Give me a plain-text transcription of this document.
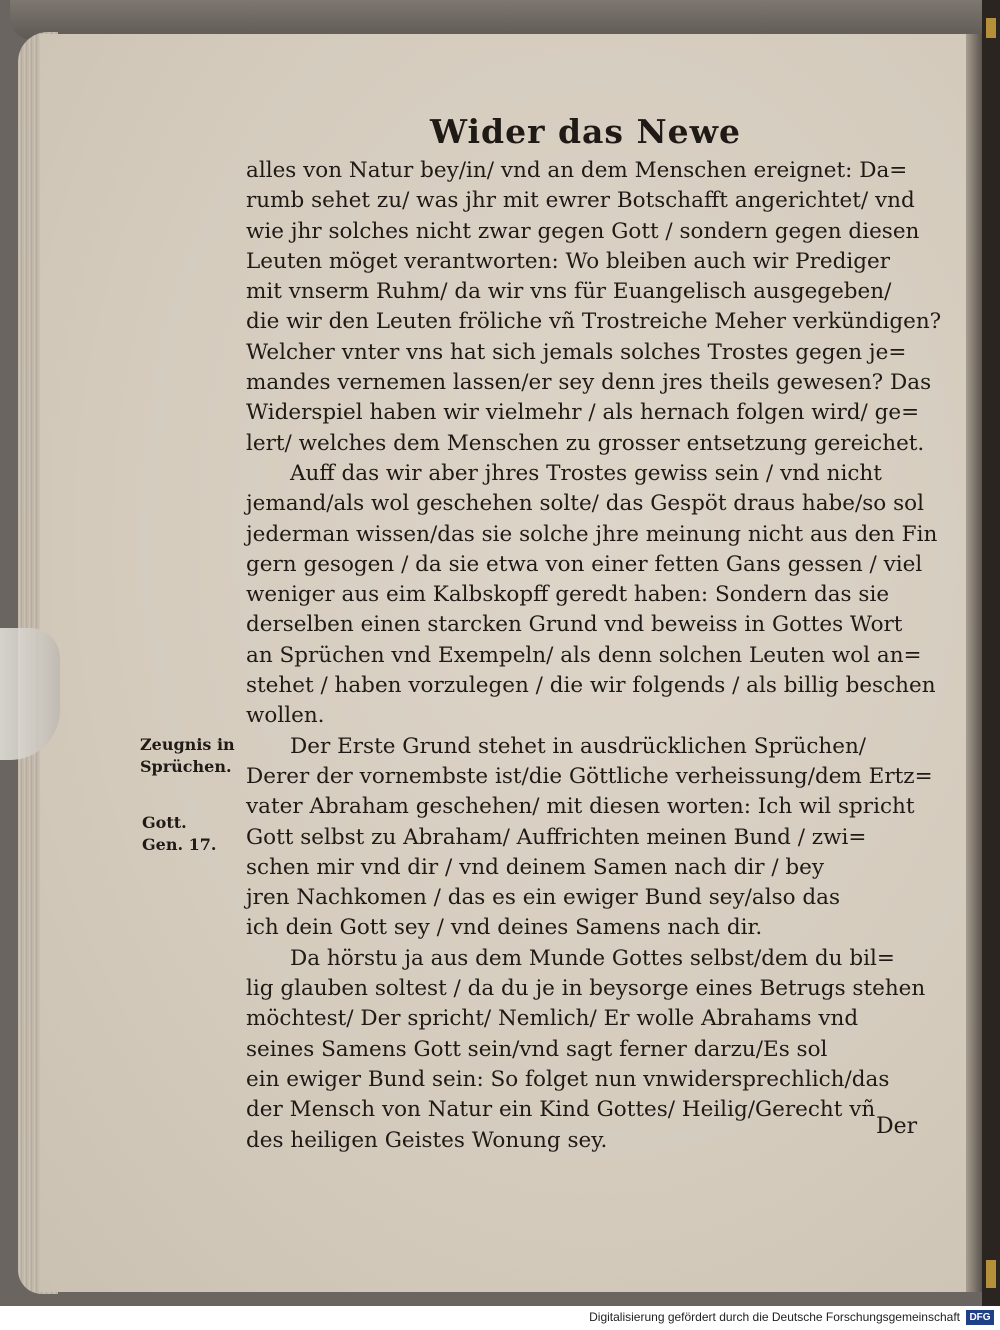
Wider das Newe
alles von Natur bey/in/ vnd an dem Menschen ereignet: Da=
rumb sehet zu/ was jhr mit ewrer Botschafft angerichtet/ vnd
wie jhr solches nicht zwar gegen Gott / sondern gegen diesen
Leuten möget verantworten: Wo bleiben auch wir Prediger
mit vnserm Ruhm/ da wir vns für Euangelisch ausgegeben/
die wir den Leuten fröliche vñ Trostreiche Meher verkündigen?
Welcher vnter vns hat sich jemals solches Trostes gegen je=
mandes vernemen lassen/er sey denn jres theils gewesen? Das
Widerspiel haben wir vielmehr / als hernach folgen wird/ ge=
lert/ welches dem Menschen zu grosser entsetzung gereichet.
Auff das wir aber jhres Trostes gewiss sein / vnd nicht
jemand/als wol geschehen solte/ das Gespöt draus habe/so sol
jederman wissen/das sie solche jhre meinung nicht aus den Fin
gern gesogen / da sie etwa von einer fetten Gans gessen / viel
weniger aus eim Kalbskopff geredt haben: Sondern das sie
derselben einen starcken Grund vnd beweiss in Gottes Wort
an Sprüchen vnd Exempeln/ als denn solchen Leuten wol an=
stehet / haben vorzulegen / die wir folgends / als billig beschen
wollen.
Der Erste Grund stehet in ausdrücklichen Sprüchen/
Derer der vornembste ist/die Göttliche verheissung/dem Ertz=
vater Abraham geschehen/ mit diesen worten: Ich wil spricht
Gott selbst zu Abraham/ Auffrichten meinen Bund / zwi=
schen mir vnd dir / vnd deinem Samen nach dir / bey
jren Nachkomen / das es ein ewiger Bund sey/also das
ich dein Gott sey / vnd deines Samens nach dir.
Da hörstu ja aus dem Munde Gottes selbst/dem du bil=
lig glauben soltest / da du je in beysorge eines Betrugs stehen
möchtest/ Der spricht/ Nemlich/ Er wolle Abrahams vnd
seines Samens Gott sein/vnd sagt ferner darzu/Es sol
ein ewiger Bund sein: So folget nun vnwidersprechlich/das
der Mensch von Natur ein Kind Gottes/ Heilig/Gerecht vñ
des heiligen Geistes Wonung sey.
Zeugnis in
Sprüchen.
Gott.
Gen. 17.
Der
Digitalisierung gefördert durch die Deutsche Forschungsgemeinschaft DFG
